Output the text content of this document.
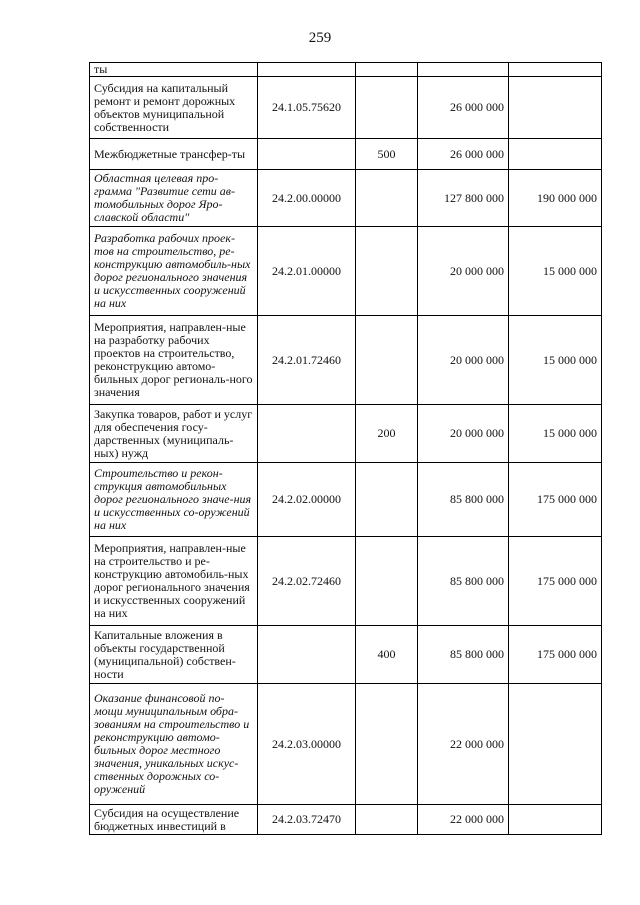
259
ты				
Субсидия на капитальный ремонт и ремонт дорожных объектов муниципальной собственности	24.1.05.75620		26 000 000	
Межбюджетные трансфер-ты		500	26 000 000	
Областная целевая про-грамма "Развитие сети ав-томобильных дорог Яро-славской области"	24.2.00.00000		127 800 000	190 000 000
Разработка рабочих проек-тов на строительство, ре-конструкцию автомобиль-ных дорог регионального значения и искусственных сооружений на них	24.2.01.00000		20 000 000	15 000 000
Мероприятия, направлен-ные на разработку рабочих проектов на строительство, реконструкцию автомо-бильных дорог региональ-ного значения	24.2.01.72460		20 000 000	15 000 000
Закупка товаров, работ и услуг для обеспечения госу-дарственных (муниципаль-ных) нужд		200	20 000 000	15 000 000
Строительство и рекон-струкция автомобильных дорог регионального значе-ния и искусственных со-оружений на них	24.2.02.00000		85 800 000	175 000 000
Мероприятия, направлен-ные на строительство и ре-конструкцию автомобиль-ных дорог регионального значения и искусственных сооружений на них	24.2.02.72460		85 800 000	175 000 000
Капитальные вложения в объекты государственной (муниципальной) собствен-ности		400	85 800 000	175 000 000
Оказание финансовой по-мощи муниципальным обра-зованиям на строительство и реконструкцию автомо-бильных дорог местного значения, уникальных искус-ственных дорожных со-оружений	24.2.03.00000		22 000 000	
Субсидия на осуществление бюджетных инвестиций в	24.2.03.72470		22 000 000	
